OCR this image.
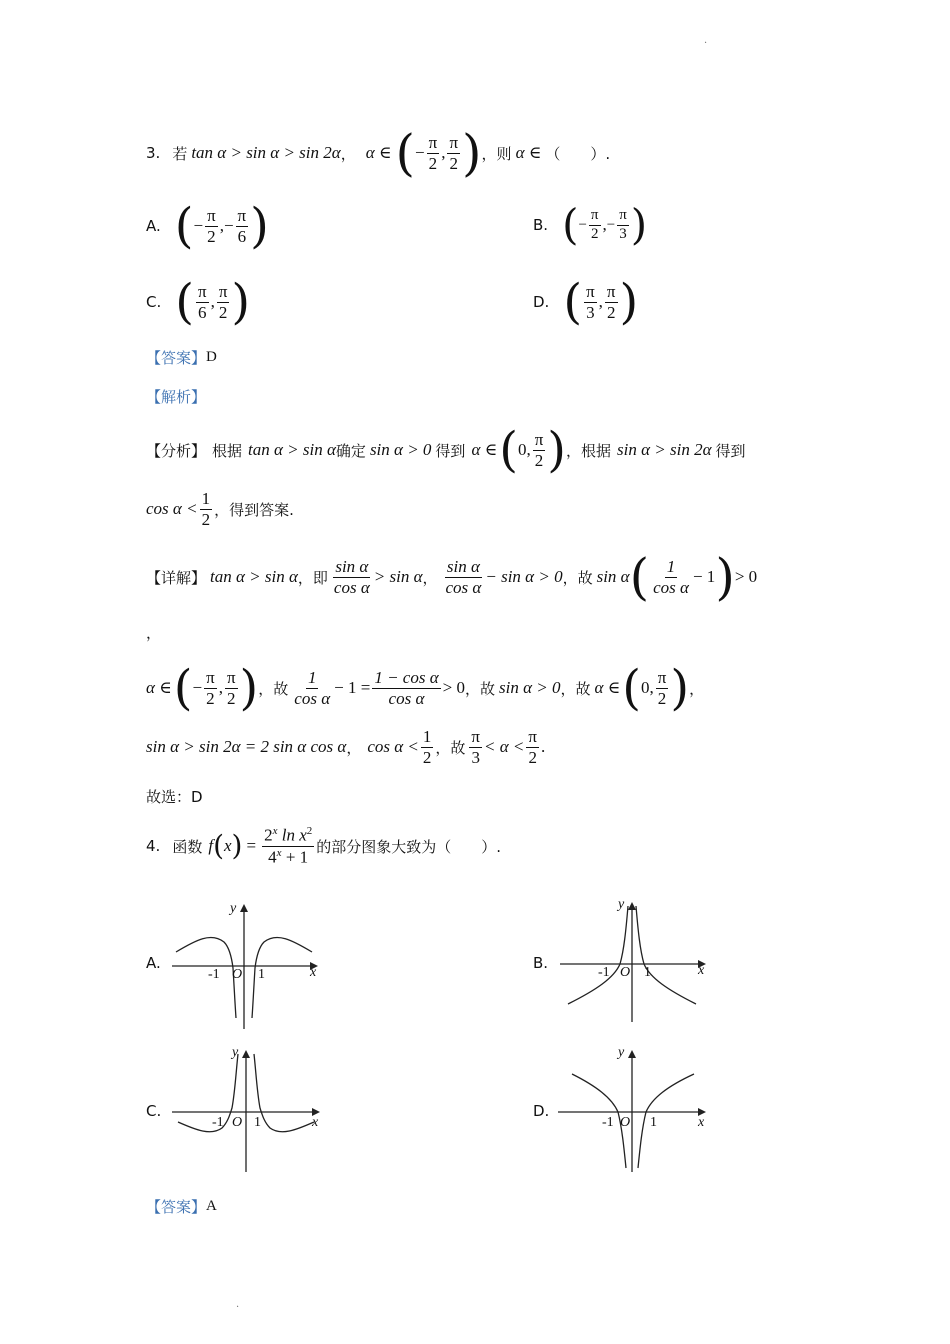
·
3. 若 tan α > sin α > sin 2α ， α ∈ ( − $\frac{\pi}{2}$ , $\frac{\pi}{2}$ ) ，则 α ∈ （　　）.
A. ( − $\frac{\pi}{2}$ , − $\frac{\pi}{6}$ )	B. ( − $\frac{\pi}{2}$ , − $\frac{\pi}{3}$ )
C. ( $\frac{\pi}{6}$ , $\frac{\pi}{2}$ )	D. ( $\frac{\pi}{3}$ , $\frac{\pi}{2}$ )
【答案】 D
【解析】
【分析】 根据 tan α > sin α 确定 sin α > 0 得到 α ∈ ( 0, $\frac{\pi}{2}$ ) ，根据 sin α > sin 2α 得到
$\cos \alpha < \frac{1}{2}$ ，得到答案.
【详解】 tan α > sin α ，即 $\frac{\text{sin α}}{\text{cos α}} > \sin \alpha$ ， $\frac{\text{sin α}}{\text{cos α}} - \sin \alpha > 0$ ，故 sin α ( $\frac{1}{\text{cos α}} - 1$ ) > 0
，
α ∈ ( − $\frac{\pi}{2}$ , $\frac{\pi}{2}$ ) ，故 $\frac{1}{\text{cos α}} - 1 = \frac{\text{1 − cos α}}{\text{cos α}} > 0$ ，故 sin α > 0 ，故 α ∈ ( 0, $\frac{\pi}{2}$ ) ，
sin α > sin 2α = 2 sin α cos α ， $\cos \alpha < \frac{1}{2}$ ，故 $\frac{\pi}{3} < \alpha < \frac{\pi}{2}$ .
故选：D
4. 函数 f ( x ) = $\frac{2^x \ln x^2}{4^x + 1}$ 的部分图象大致为（　　）.
A.
-1 O 1	x
y
B.
-1 O 1	x
y
C.
-1 O 1	x
y
D.
-1 O 1	x
y
【答案】 A
·
